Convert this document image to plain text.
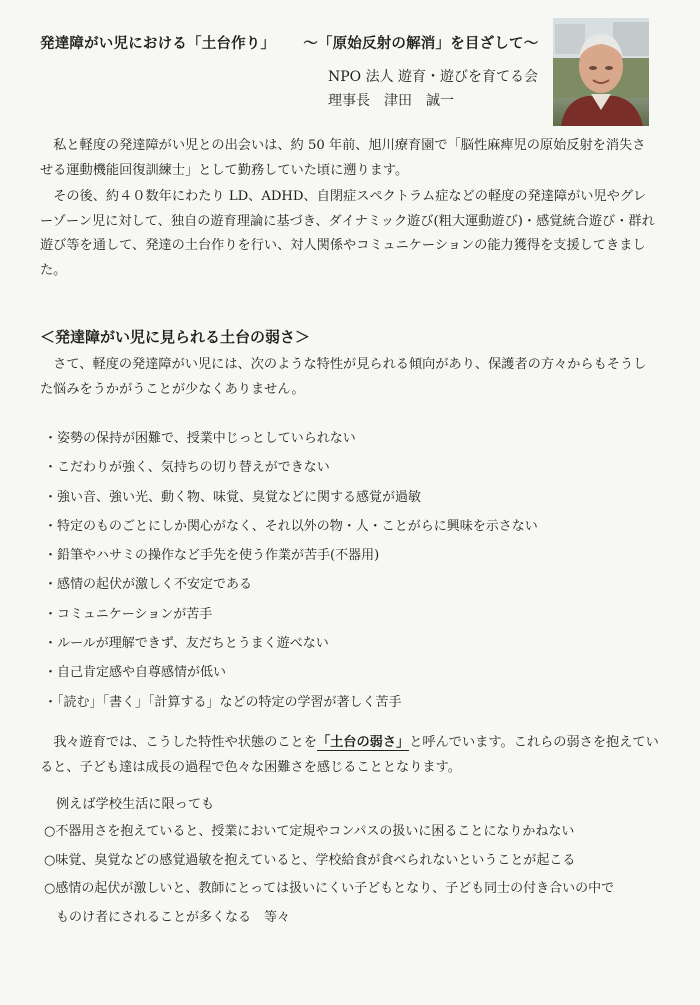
発達障がい児における「土台作り」 〜「原始反射の解消」を目ざして〜
NPO 法人 遊育・遊びを育てる会
理事長　津田　誠一

私と軽度の発達障がい児との出会いは、約 50 年前、旭川療育園で「脳性麻痺児の原始反射を消失させる運動機能回復訓練士」として勤務していた頃に遡ります。

その後、約４０数年にわたり LD、ADHD、自閉症スペクトラム症などの軽度の発達障がい児やグレーゾーン児に対して、独自の遊育理論に基づき、ダイナミック遊び(粗大運動遊び)・感覚統合遊び・群れ遊び等を通して、発達の土台作りを行い、対人関係やコミュニケーションの能力獲得を支援してきました。

＜発達障がい児に見られる土台の弱さ＞

さて、軽度の発達障がい児には、次のような特性が見られる傾向があり、保護者の方々からもそうした悩みをうかがうことが少なくありません。

・姿勢の保持が困難で、授業中じっとしていられない
・こだわりが強く、気持ちの切り替えができない
・強い音、強い光、動く物、味覚、臭覚などに関する感覚が過敏
・特定のものごとにしか関心がなく、それ以外の物・人・ことがらに興味を示さない
・鉛筆やハサミの操作など手先を使う作業が苦手(不器用)
・感情の起伏が激しく不安定である
・コミュニケーションが苦手
・ルールが理解できず、友だちとうまく遊べない
・自己肯定感や自尊感情が低い
・「読む」「書く」「計算する」などの特定の学習が著しく苦手

我々遊育では、こうした特性や状態のことを「土台の弱さ」と呼んでいます。これらの弱さを抱えていると、子ども達は成長の過程で色々な困難さを感じることとなります。

例えば学校生活に限っても
○不器用さを抱えていると、授業において定規やコンパスの扱いに困ることになりかねない
○味覚、臭覚などの感覚過敏を抱えていると、学校給食が食べられないということが起こる
○感情の起伏が激しいと、教師にとっては扱いにくい子どもとなり、子ども同士の付き合いの中で
ものけ者にされることが多くなる　等々
